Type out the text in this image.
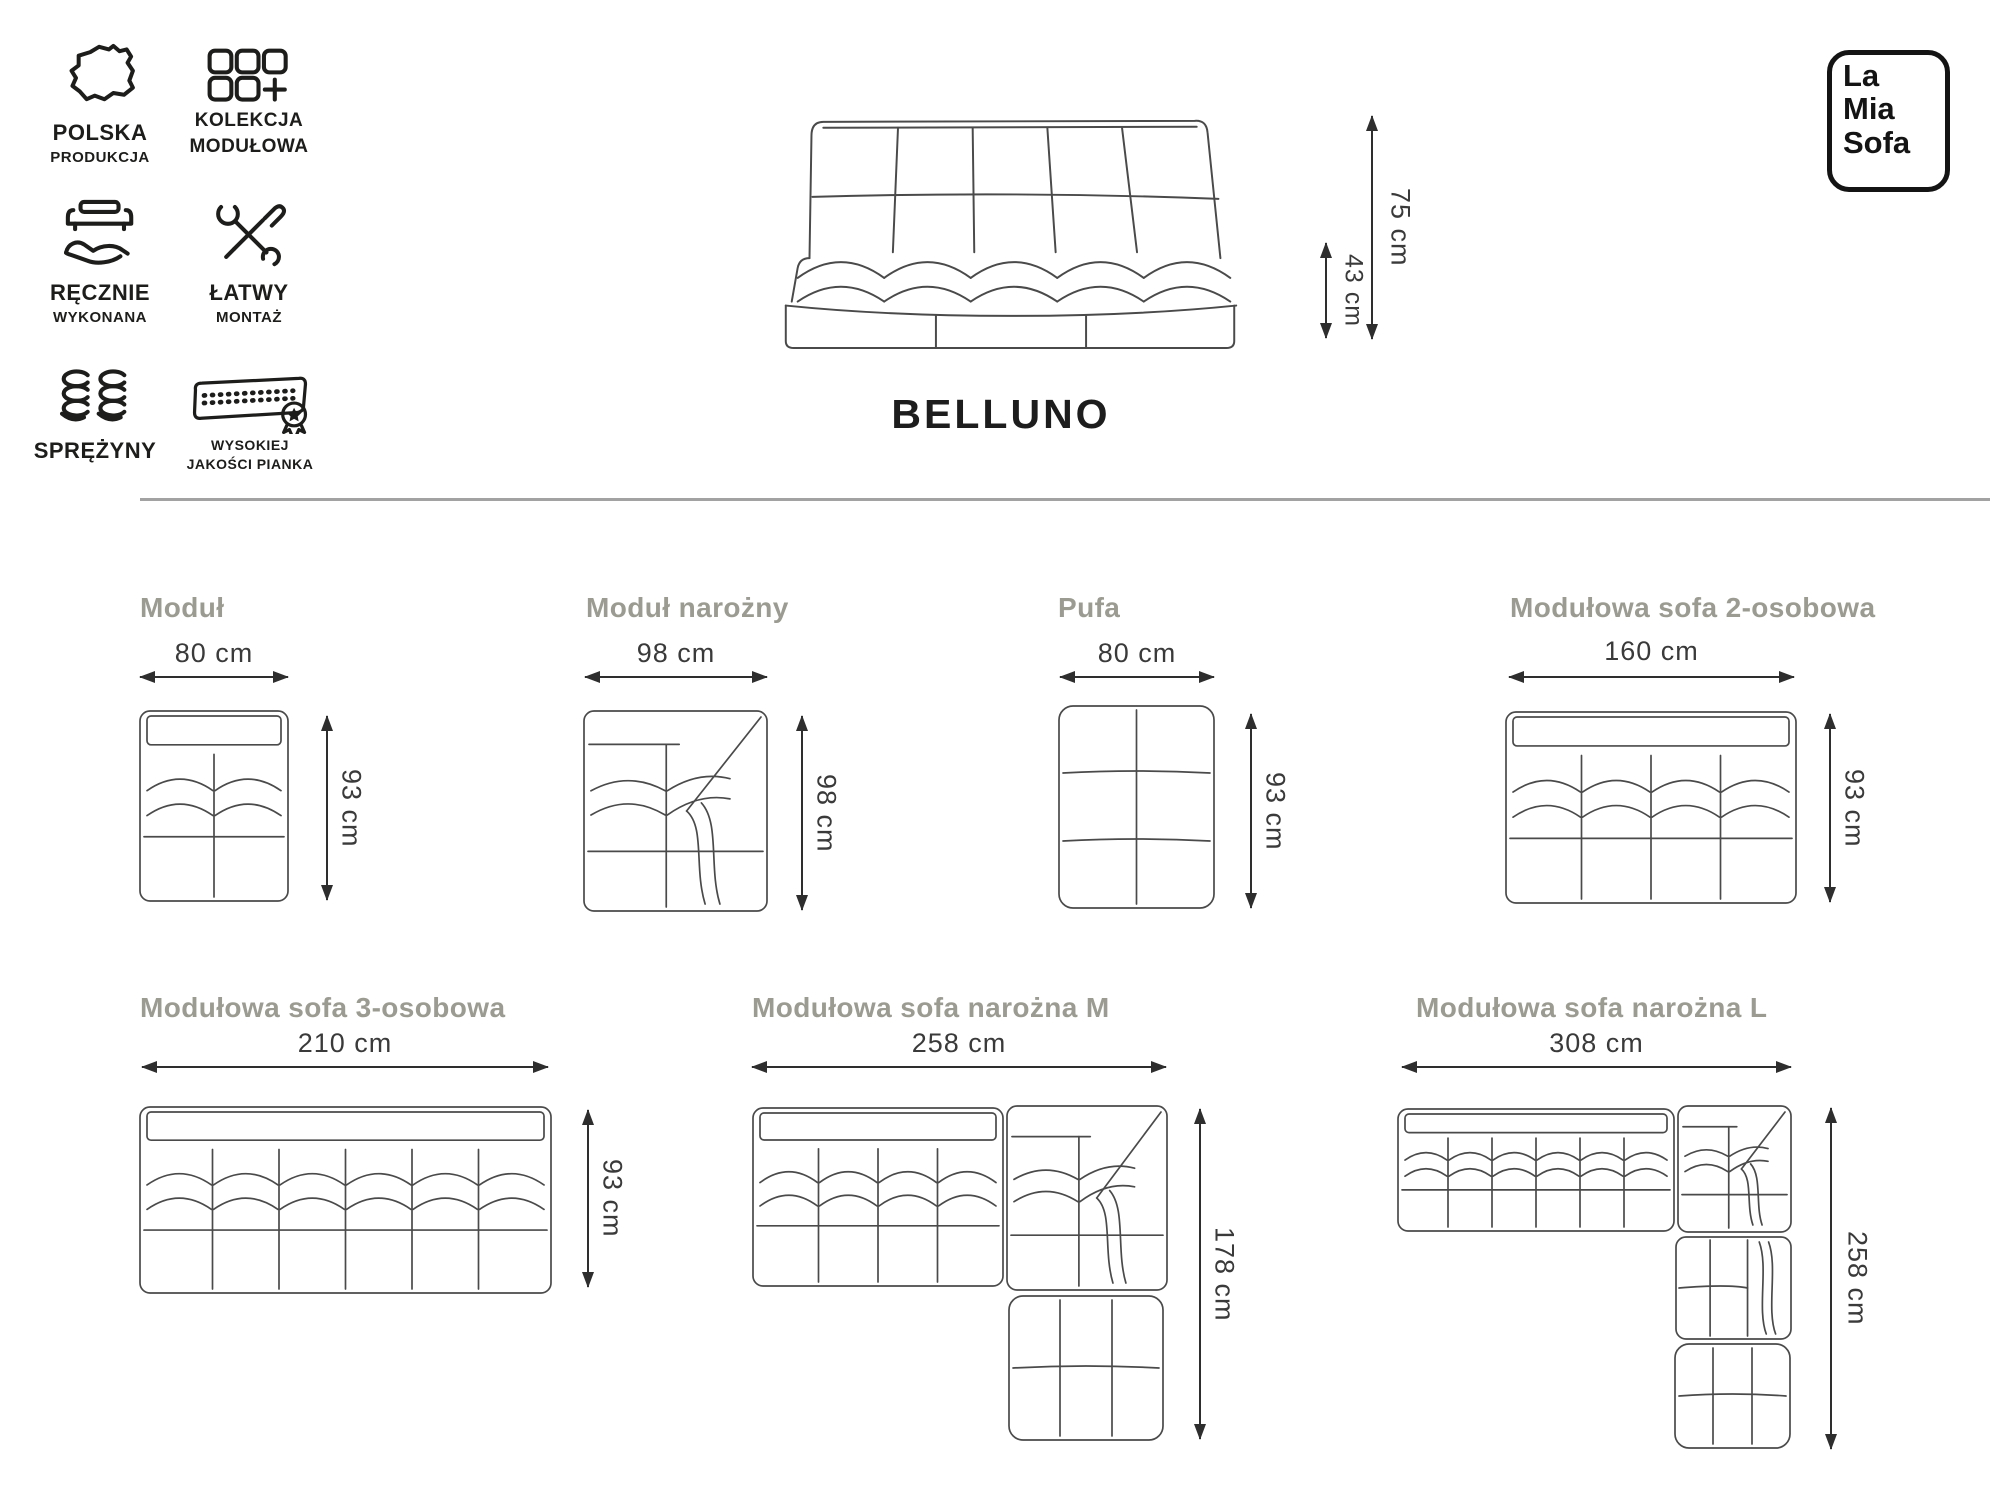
POLSKA
PRODUKCJA
KOLEKCJA
MODUŁOWA
RĘCZNIE
WYKONANA
ŁATWY
MONTAŻ
SPRĘŻYNY	WYSOKIEJ
JAKOŚCI PIANKA
43 cm
75 cm
BELLUNO
La
Mia
Sofa
Moduł
80 cm
93 cm
Moduł narożny
98 cm
98 cm
Pufa
80 cm
93 cm
Modułowa sofa 2-osobowa
160 cm
93 cm
Modułowa sofa 3-osobowa
210 cm
93 cm
Modułowa sofa narożna M
258 cm
178 cm
Modułowa sofa narożna L
308 cm
258 cm
